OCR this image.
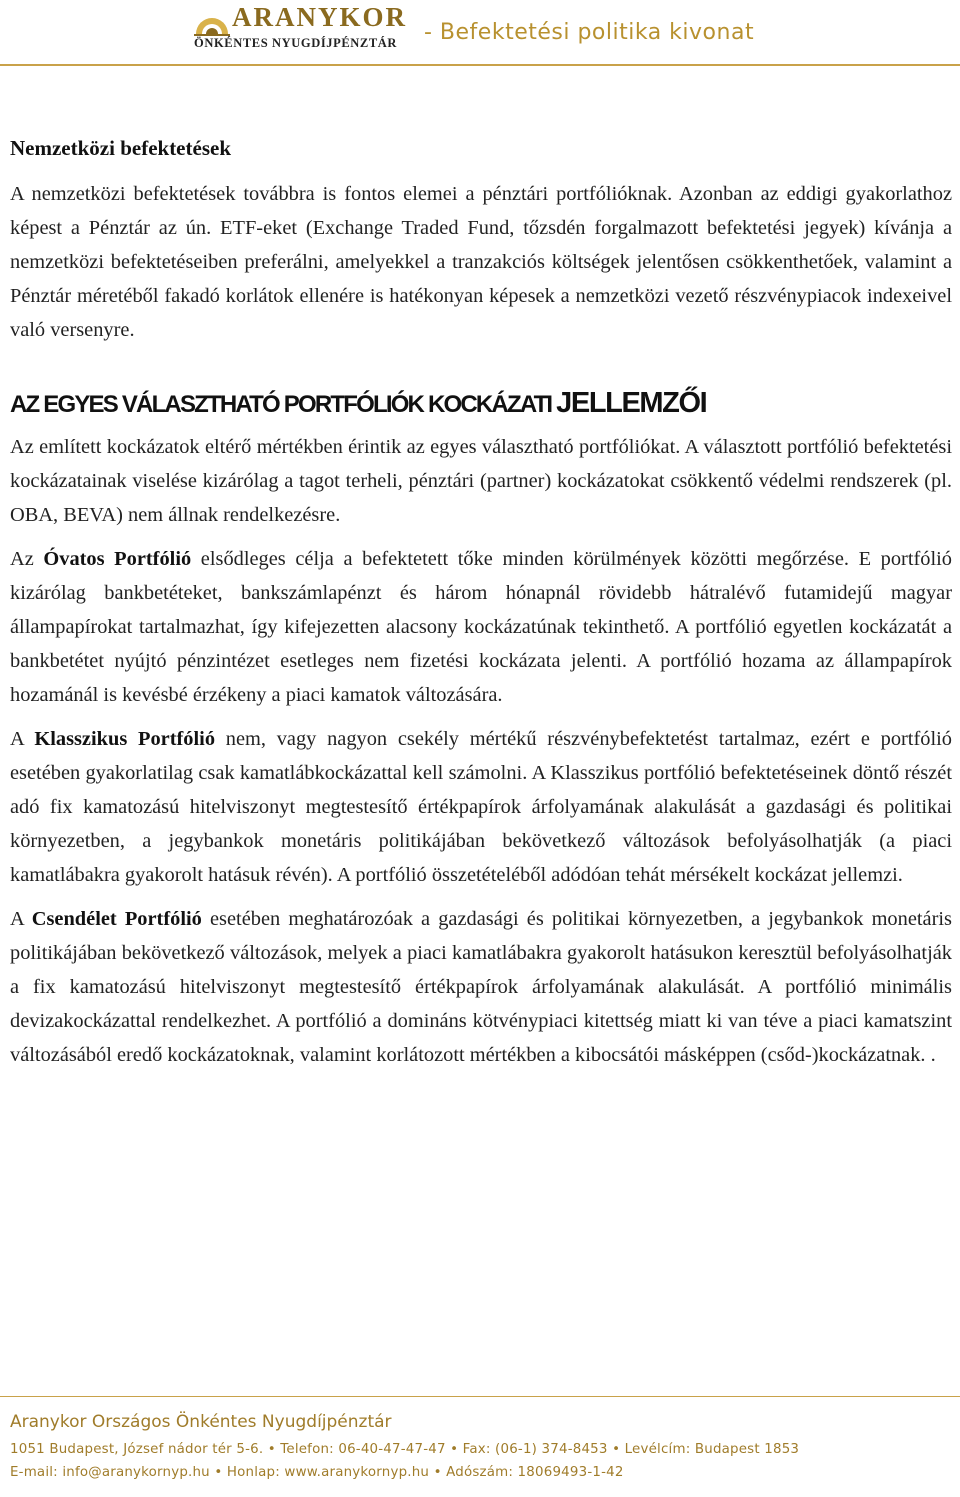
ARANYKOR
ÖNKÉNTES NYUGDÍJPÉNZTÁR - Befektetési politika kivonat
Nemzetközi befektetések

A nemzetközi befektetések továbbra is fontos elemei a pénztári portfólióknak. Azonban az eddigi gyakorlathoz képest a Pénztár az ún. ETF-eket (Exchange Traded Fund, tőzsdén forgalmazott befektetési jegyek) kívánja a nemzetközi befektetéseiben preferálni, amelyekkel a tranzakciós költségek jelentősen csökkenthetőek, valamint a Pénztár méretéből fakadó korlátok ellenére is hatékonyan képesek a nemzetközi vezető részvénypiacok indexeivel való versenyre.

AZ EGYES VÁLASZTHATÓ PORTFÓLIÓK KOCKÁZATI JELLEMZŐI

Az említett kockázatok eltérő mértékben érintik az egyes választható portfóliókat. A választott portfólió befektetési kockázatainak viselése kizárólag a tagot terheli, pénztári (partner) kockázatokat csökkentő védelmi rendszerek (pl. OBA, BEVA) nem állnak rendelkezésre.

Az Óvatos Portfólió elsődleges célja a befektetett tőke minden körülmények közötti megőrzése. E portfólió kizárólag bankbetéteket, bankszámlapénzt és három hónapnál rövidebb hátralévő futamidejű magyar állampapírokat tartalmazhat, így kifejezetten alacsony kockázatúnak tekinthető. A portfólió egyetlen kockázatát a bankbetétet nyújtó pénzintézet esetleges nem fizetési kockázata jelenti. A portfólió hozama az állampapírok hozamánál is kevésbé érzékeny a piaci kamatok változására.

A Klasszikus Portfólió nem, vagy nagyon csekély mértékű részvénybefektetést tartalmaz, ezért e portfólió esetében gyakorlatilag csak kamatlábkockázattal kell számolni. A Klasszikus portfólió befektetéseinek döntő részét adó fix kamatozású hitelviszonyt megtestesítő értékpapírok árfolyamának alakulását a gazdasági és politikai környezetben, a jegybankok monetáris politikájában bekövetkező változások befolyásolhatják (a piaci kamatlábakra gyakorolt hatásuk révén). A portfólió összetételéből adódóan tehát mérsékelt kockázat jellemzi.

A Csendélet Portfólió esetében meghatározóak a gazdasági és politikai környezetben, a jegybankok monetáris politikájában bekövetkező változások, melyek a piaci kamatlábakra gyakorolt hatásukon keresztül befolyásolhatják a fix kamatozású hitelviszonyt megtestesítő értékpapírok árfolyamának alakulását. A portfólió minimális devizakockázattal rendelkezhet. A portfólió a domináns kötvénypiaci kitettség miatt ki van téve a piaci kamatszint változásából eredő kockázatoknak, valamint korlátozott mértékben a kibocsátói másképpen (csőd-)kockázatnak. .

Aranykor Országos Önkéntes Nyugdíjpénztár
1051 Budapest, József nádor tér 5-6. • Telefon: 06-40-47-47-47 • Fax: (06-1) 374-8453 • Levélcím: Budapest 1853
E-mail: info@aranykornyp.hu • Honlap: www.aranykornyp.hu • Adószám: 18069493-1-42
